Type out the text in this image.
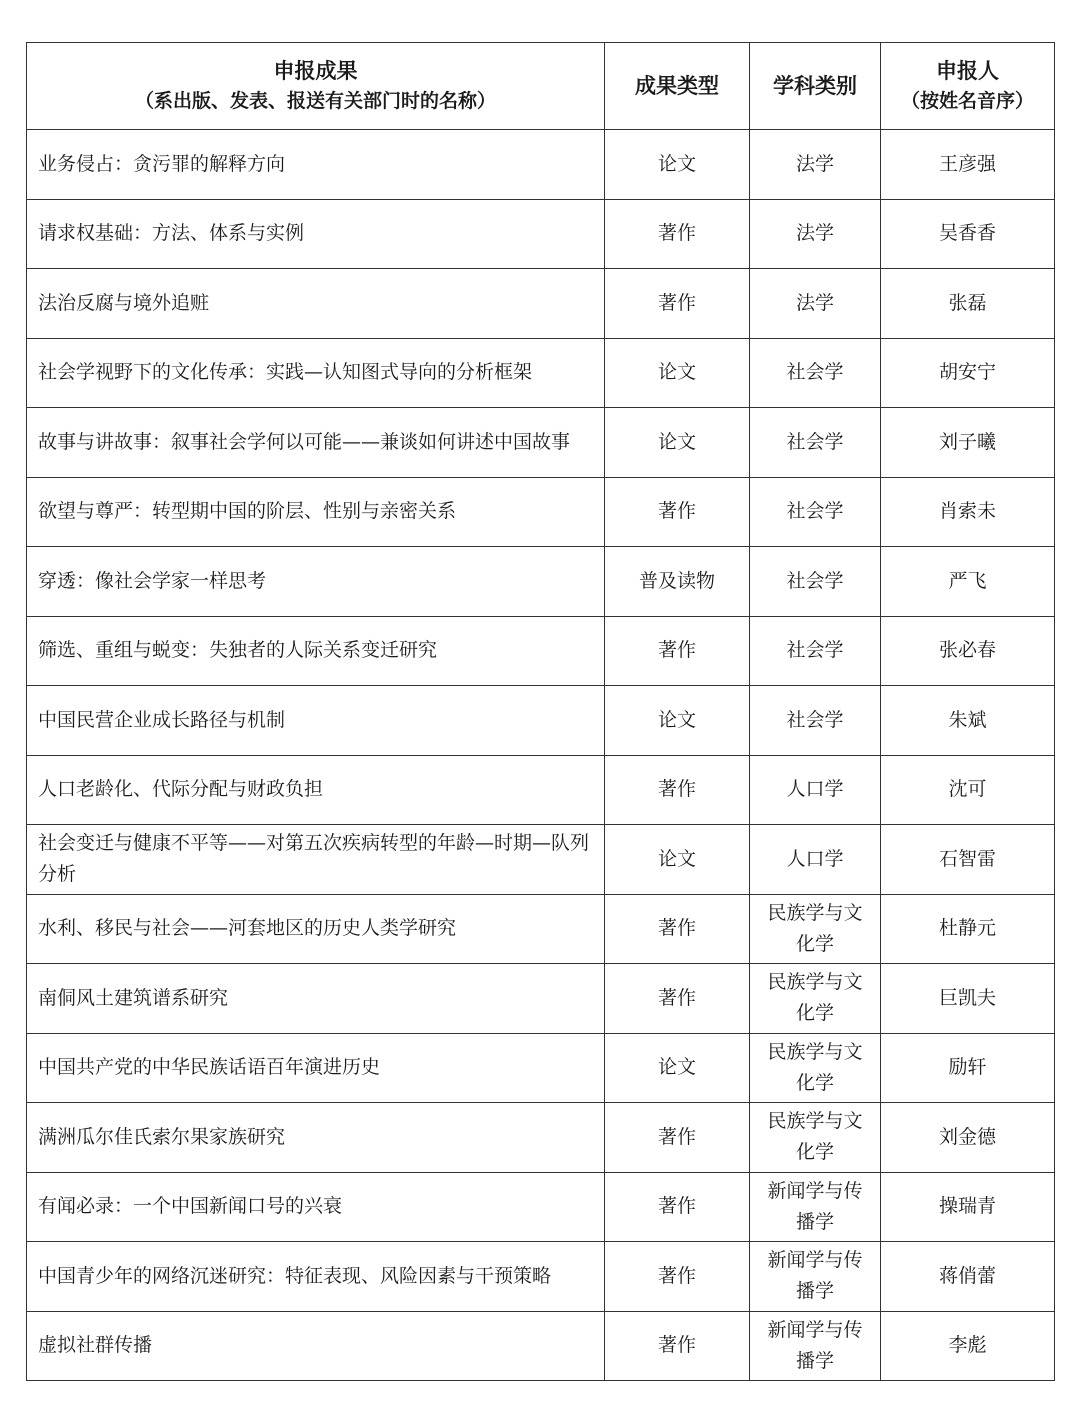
申报成果
（系出版、发表、报送有关部门时的名称）	成果类型	学科类别	申报人
（按姓名音序）

业务侵占：贪污罪的解释方向	论文	法学	王彦强
请求权基础：方法、体系与实例	著作	法学	吴香香
法治反腐与境外追赃	著作	法学	张磊
社会学视野下的文化传承：实践—认知图式导向的分析框架	论文	社会学	胡安宁
故事与讲故事：叙事社会学何以可能——兼谈如何讲述中国故事	论文	社会学	刘子曦
欲望与尊严：转型期中国的阶层、性别与亲密关系	著作	社会学	肖索未
穿透：像社会学家一样思考	普及读物	社会学	严飞
筛选、重组与蜕变：失独者的人际关系变迁研究	著作	社会学	张必春
中国民营企业成长路径与机制	论文	社会学	朱斌
人口老龄化、代际分配与财政负担	著作	人口学	沈可
社会变迁与健康不平等——对第五次疾病转型的年龄—时期—队列分析	论文	人口学	石智雷
水利、移民与社会——河套地区的历史人类学研究	著作	民族学与文化学	杜静元
南侗风土建筑谱系研究	著作	民族学与文化学	巨凯夫
中国共产党的中华民族话语百年演进历史	论文	民族学与文化学	励轩
满洲瓜尔佳氏索尔果家族研究	著作	民族学与文化学	刘金德
有闻必录：一个中国新闻口号的兴衰	著作	新闻学与传播学	操瑞青
中国青少年的网络沉迷研究：特征表现、风险因素与干预策略	著作	新闻学与传播学	蒋俏蕾
虚拟社群传播	著作	新闻学与传播学	李彪
